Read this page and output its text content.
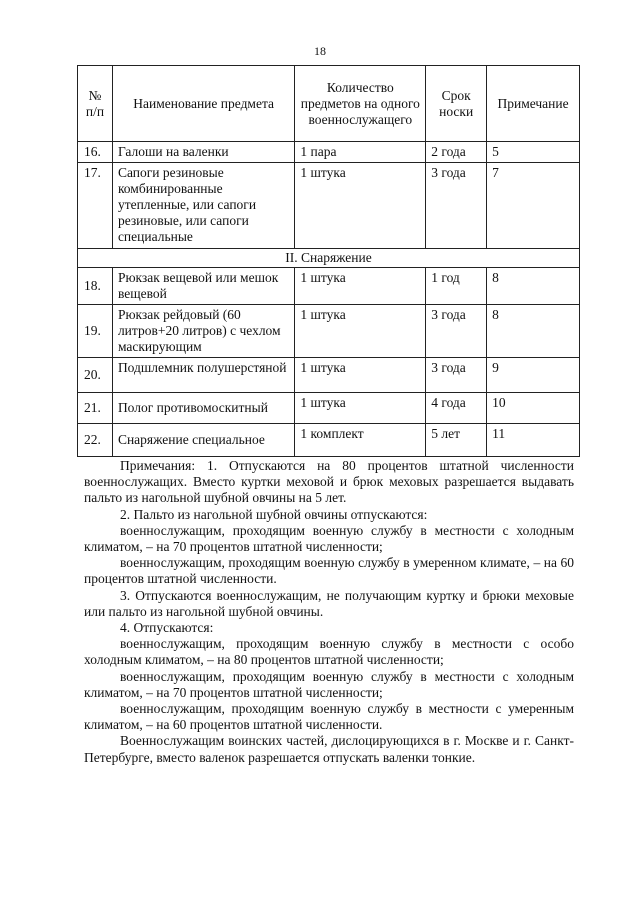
18
№ п/п	Наименование предмета	Количество предметов на одного военнослужащего	Срок носки	Примечание
16.	Галоши на валенки	1 пара	2 года	5
17.	Сапоги резиновые комбинированные утепленные, или сапоги резиновые, или сапоги специальные	1 штука	3 года	7
II. Снаряжение				
18.	Рюкзак вещевой или мешок вещевой	1 штука	1 год	8
19.	Рюкзак рейдовый (60 литров+20 литров) с чехлом маскирующим	1 штука	3 года	8
20.	Подшлемник полушерстяной	1 штука	3 года	9
21.	Полог противомоскитный	1 штука	4 года	10
22.	Снаряжение специальное	1 комплект	5 лет	11

Примечания: 1. Отпускаются на 80 процентов штатной численности военнослужащих. Вместо куртки меховой и брюк меховых разрешается выдавать пальто из нагольной шубной овчины на 5 лет.

2. Пальто из нагольной шубной овчины отпускаются:

военнослужащим, проходящим военную службу в местности с холодным климатом, – на 70 процентов штатной численности;

военнослужащим, проходящим военную службу в умеренном климате, – на 60 процентов штатной численности.

3. Отпускаются военнослужащим, не получающим куртку и брюки меховые или пальто из нагольной шубной овчины.

4. Отпускаются:

военнослужащим, проходящим военную службу в местности с особо холодным климатом, – на 80 процентов штатной численности;

военнослужащим, проходящим военную службу в местности с холодным климатом, – на 70 процентов штатной численности;

военнослужащим, проходящим военную службу в местности с умеренным климатом, – на 60 процентов штатной численности.

Военнослужащим воинских частей, дислоцирующихся в г. Москве и г. Санкт-Петербурге, вместо валенок разрешается отпускать валенки тонкие.
